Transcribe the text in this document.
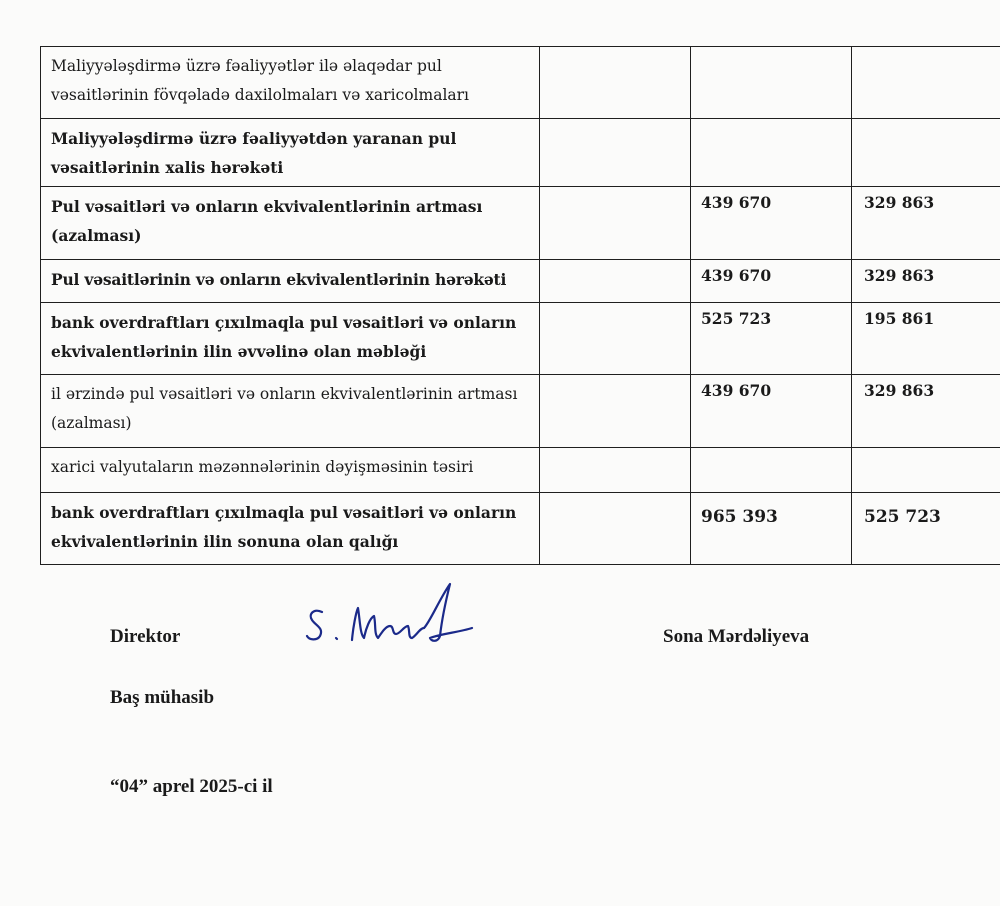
Maliyyələşdirmə üzrə fəaliyyətlər ilə əlaqədar pul vəsaitlərinin fövqəladə daxilolmaları və xaricolmaları			
Maliyyələşdirmə üzrə fəaliyyətdən yaranan pul vəsaitlərinin xalis hərəkəti			
Pul vəsaitləri və onların ekvivalentlərinin artması (azalması)		439 670	329 863
Pul vəsaitlərinin və onların ekvivalentlərinin hərəkəti		439 670	329 863
bank overdraftları çıxılmaqla pul vəsaitləri və onların ekvivalentlərinin ilin əvvəlinə olan məbləği		525 723	195 861
il ərzində pul vəsaitləri və onların ekvivalentlərinin artması (azalması)		439 670	329 863
xarici valyutaların məzənnələrinin dəyişməsinin təsiri			
bank overdraftları çıxılmaqla pul vəsaitləri və onların ekvivalentlərinin ilin sonuna olan qalığı		965 393	525 723
Direktor	Sona Mərdəliyeva
Baş mühasib
“04” aprel 2025-ci il
